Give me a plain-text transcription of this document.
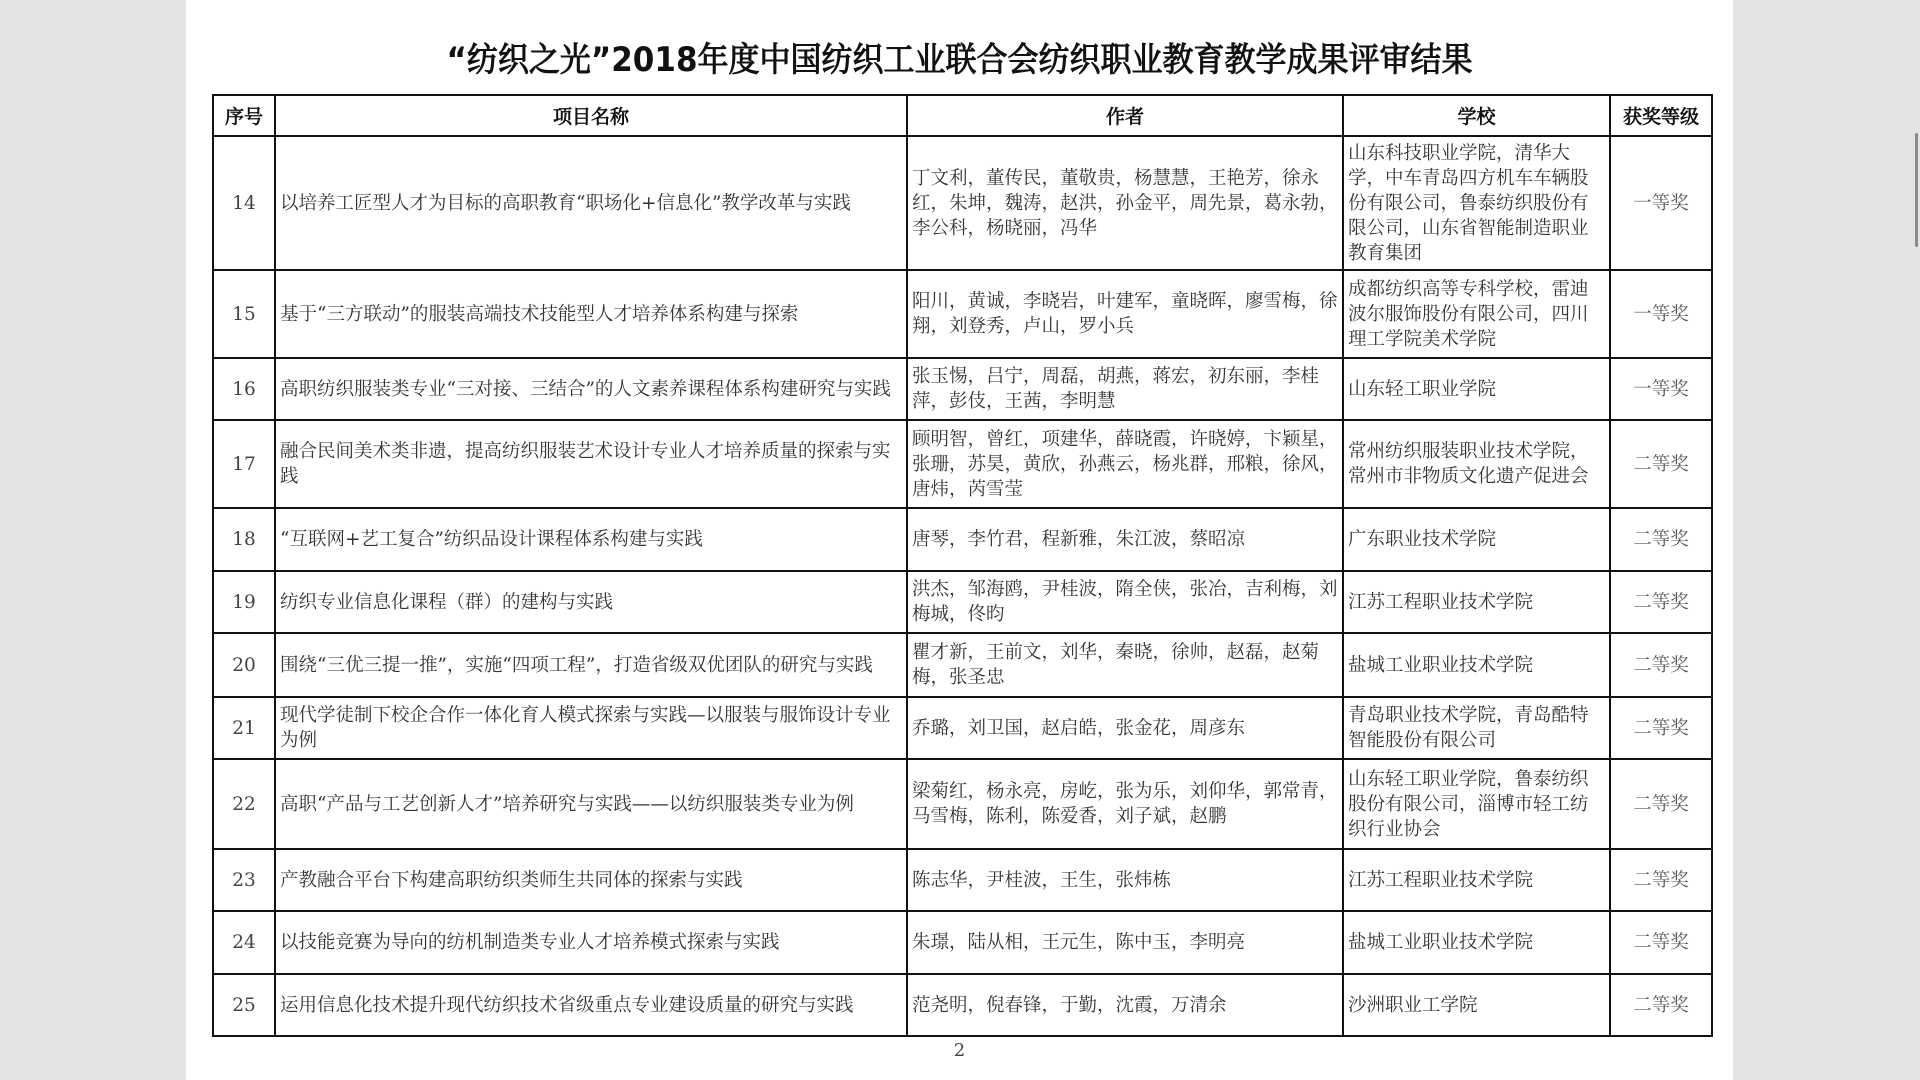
“纺织之光”2018年度中国纺织工业联合会纺织职业教育教学成果评审结果
序号	项目名称	作者	学校	获奖等级
14	以培养工匠型人才为目标的高职教育“职场化+信息化”教学改革与实践	丁文利，董传民，董敬贵，杨慧慧，王艳芳，徐永红，朱坤，魏涛，赵洪，孙金平，周先景，葛永勃，李公科，杨晓丽，冯华	山东科技职业学院，清华大学，中车青岛四方机车车辆股份有限公司，鲁泰纺织股份有限公司，山东省智能制造职业教育集团	一等奖
15	基于“三方联动”的服装高端技术技能型人才培养体系构建与探索	阳川，黄诚，李晓岩，叶建军，童晓晖，廖雪梅，徐翔，刘登秀，卢山，罗小兵	成都纺织高等专科学校，雷迪波尔服饰股份有限公司，四川理工学院美术学院	一等奖
16	高职纺织服装类专业“三对接、三结合”的人文素养课程体系构建研究与实践	张玉惕，吕宁，周磊，胡燕，蒋宏，初东丽，李桂萍，彭伎，王茜，李明慧	山东轻工职业学院	一等奖
17	融合民间美术类非遗，提高纺织服装艺术设计专业人才培养质量的探索与实践	顾明智，曾红，项建华，薛晓霞，许晓婷，卞颖星，张珊，苏昊，黄欣，孙燕云，杨兆群，邢粮，徐风，唐炜，芮雪莹	常州纺织服装职业技术学院，常州市非物质文化遗产促进会	二等奖
18	“互联网+艺工复合”纺织品设计课程体系构建与实践	唐琴，李竹君，程新雅，朱江波，蔡昭凉	广东职业技术学院	二等奖
19	纺织专业信息化课程（群）的建构与实践	洪杰，邹海鸥，尹桂波，隋全侠，张冶，吉利梅，刘梅城，佟昀	江苏工程职业技术学院	二等奖
20	围绕“三优三提一推”，实施“四项工程”，打造省级双优团队的研究与实践	瞿才新，王前文，刘华，秦晓，徐帅，赵磊，赵菊梅，张圣忠	盐城工业职业技术学院	二等奖
21	现代学徒制下校企合作一体化育人模式探索与实践—以服装与服饰设计专业为例	乔璐，刘卫国，赵启皓，张金花，周彦东	青岛职业技术学院，青岛酷特智能股份有限公司	二等奖
22	高职“产品与工艺创新人才”培养研究与实践——以纺织服装类专业为例	梁菊红，杨永亮，房屹，张为乐，刘仰华，郭常青，马雪梅，陈利，陈爱香，刘子斌，赵鹏	山东轻工职业学院，鲁泰纺织股份有限公司，淄博市轻工纺织行业协会	二等奖
23	产教融合平台下构建高职纺织类师生共同体的探索与实践	陈志华，尹桂波，王生，张炜栋	江苏工程职业技术学院	二等奖
24	以技能竞赛为导向的纺机制造类专业人才培养模式探索与实践	朱璟，陆从相，王元生，陈中玉，李明亮	盐城工业职业技术学院	二等奖
25	运用信息化技术提升现代纺织技术省级重点专业建设质量的研究与实践	范尧明，倪春锋，于勤，沈霞，万清余	沙洲职业工学院	二等奖
2
